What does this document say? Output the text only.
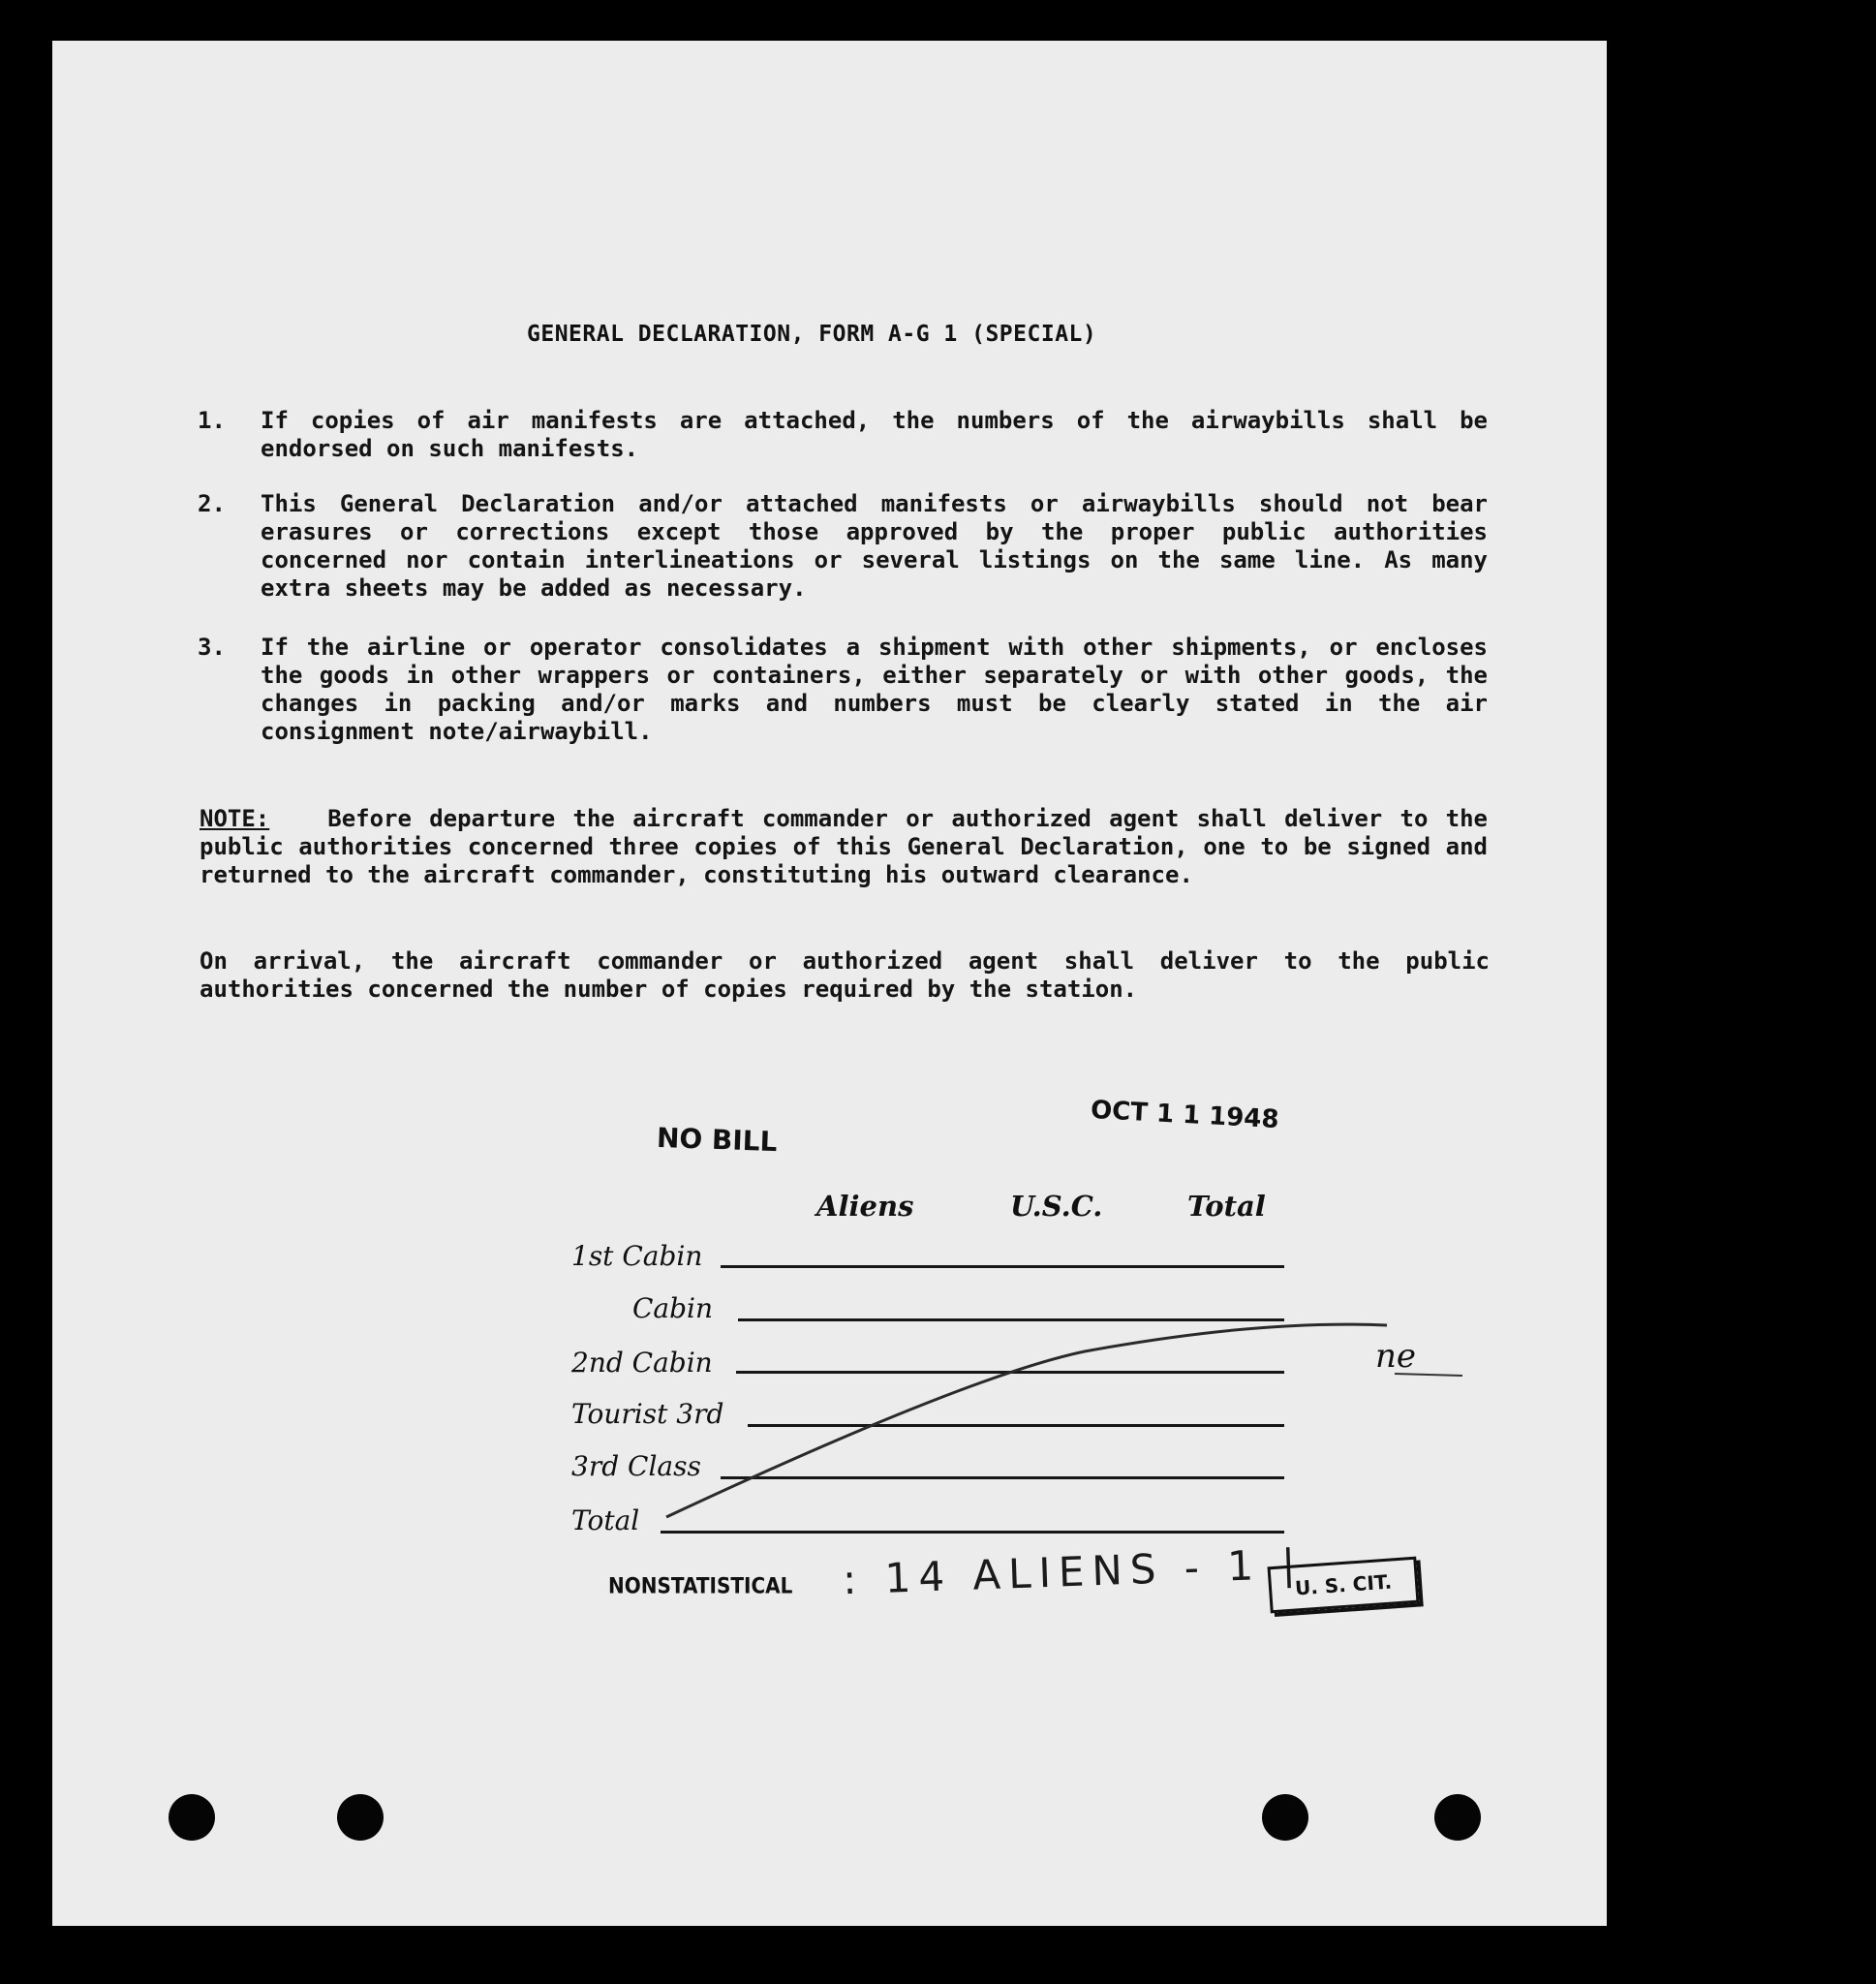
GENERAL DECLARATION, FORM A-G 1 (SPECIAL)
1. If copies of air manifests are attached, the numbers of the airwaybills shall be endorsed on such manifests.
2. This General Declaration and/or attached manifests or airwaybills should not bear erasures or corrections except those approved by the proper public authorities concerned nor contain interlineations or several listings on the same line. As many extra sheets may be added as necessary.
3. If the airline or operator consolidates a shipment with other shipments, or encloses the goods in other wrappers or containers, either separately or with other goods, the changes in packing and/or marks and numbers must be clearly stated in the air consignment note/airwaybill.
NOTE:	Before departure the aircraft commander or authorized agent shall deliver to the public authorities concerned three copies of this General Declaration, one to be signed and returned to the aircraft commander, constituting his outward clearance.
On arrival, the aircraft commander or authorized agent shall deliver to the public authorities concerned the number of copies required by the station.
NO BILL
OCT 1 1 1948
Aliens	U.S.C.	Total
1st Cabin
Cabin
2nd Cabin
Tourist 3rd
3rd Class
Total
NONSTATISTICAL : 14 ALIENS - 1 |
U. S. CIT.
ne
